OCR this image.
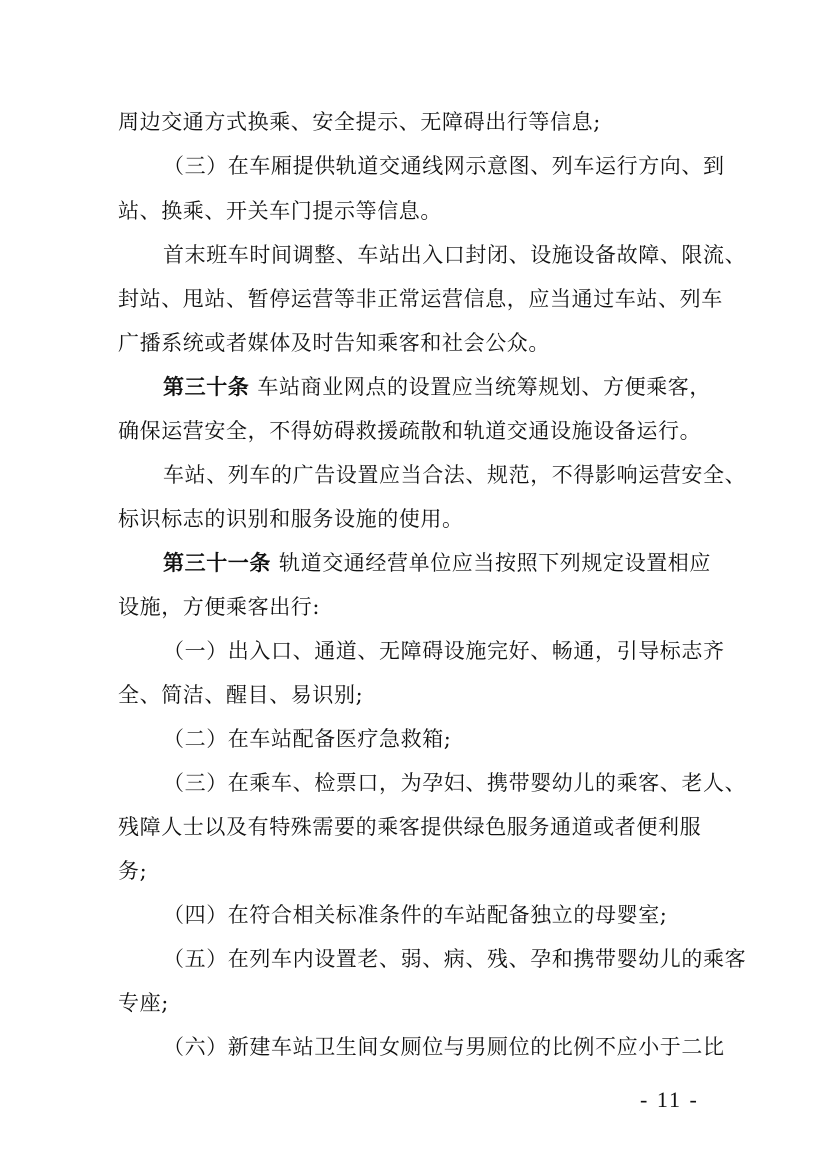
周边交通方式换乘、安全提示、无障碍出行等信息;
（三）在车厢提供轨道交通线网示意图、列车运行方向、到
站、换乘、开关车门提示等信息。
首末班车时间调整、车站出入口封闭、设施设备故障、限流、
封站、甩站、暂停运营等非正常运营信息，应当通过车站、列车
广播系统或者媒体及时告知乘客和社会公众。
第三十条 车站商业网点的设置应当统筹规划、方便乘客，
确保运营安全，不得妨碍救援疏散和轨道交通设施设备运行。
车站、列车的广告设置应当合法、规范，不得影响运营安全、
标识标志的识别和服务设施的使用。
第三十一条 轨道交通经营单位应当按照下列规定设置相应
设施，方便乘客出行:
（一）出入口、通道、无障碍设施完好、畅通，引导标志齐
全、简洁、醒目、易识别;
（二）在车站配备医疗急救箱;
（三）在乘车、检票口，为孕妇、携带婴幼儿的乘客、老人、
残障人士以及有特殊需要的乘客提供绿色服务通道或者便利服
务;
（四）在符合相关标准条件的车站配备独立的母婴室;
（五）在列车内设置老、弱、病、残、孕和携带婴幼儿的乘客
专座;
（六）新建车站卫生间女厕位与男厕位的比例不应小于二比
- 11 -
